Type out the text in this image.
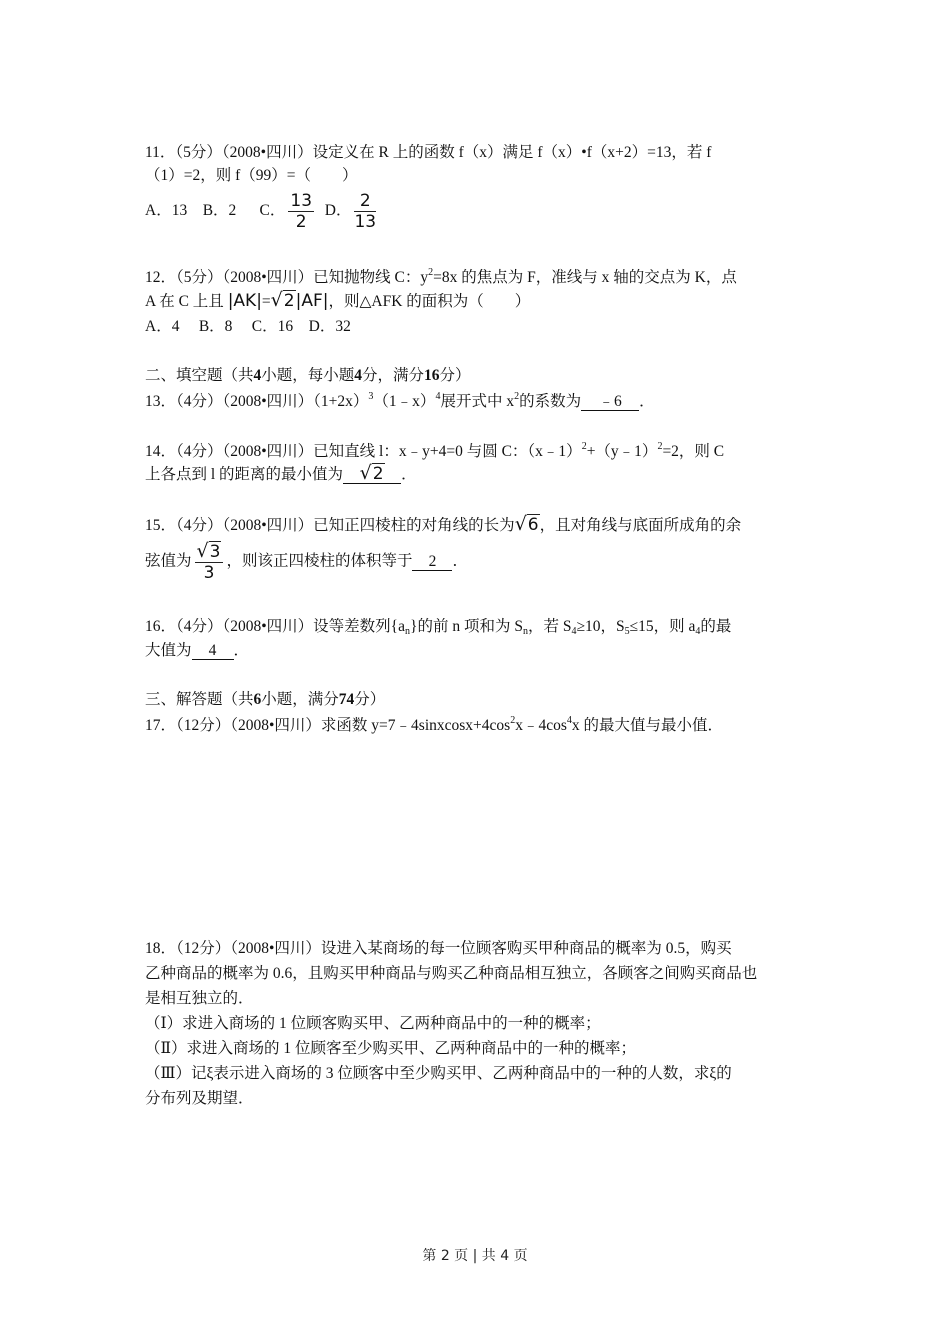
11．（5分）（2008•四川）设定义在 R 上的函数 f（x）满足 f（x）•f（x+2）=13，若 f
（1）=2，则 f（99）=（　　）
A．13 B．2 C． $\frac{13}{2}$ D． $\frac{2}{13}$
12．（5分）（2008•四川）已知抛物线 C：$y^2=8x$ 的焦点为 F，准线与 x 轴的交点为 K，点
A 在 C 上且 |AK|=√2|AF|，则△AFK 的面积为（　　）
A．4　 B．8　 C．16　D．32
二、填空题（共4小题，每小题4分，满分16分）
13．（4分）（2008•四川）$(1+2x)^3(1﹣x)^4$展开式中 $x^2$的系数为 ﹣6 ．
14．（4分）（2008•四川）已知直线 l：x﹣y+4=0 与圆 C：（x﹣1）$^2$+（y﹣1）$^2$=2，则 C
上各点到 l 的距离的最小值为 √2 ．
15．（4分）（2008•四川）已知正四棱柱的对角线的长为√6，且对角线与底面所成角的余
弦值为 $\frac{√3}{3}$ ，则该正四棱柱的体积等于 2 ．
16．（4分）（2008•四川）设等差数列$\{a_n\}$的前 n 项和为 $S_n$，若 $S_4\ge 10$，$S_5\le 15$，则 $a_4$的最
大值为 4 ．
三、解答题（共6小题，满分74分）
17．（12分）（2008•四川）求函数 $y=7﹣4sinxcosx+4\cos^2x﹣4\cos^4x$ 的最大值与最小值．
18．（12分）（2008•四川）设进入某商场的每一位顾客购买甲种商品的概率为 0.5，购买
乙种商品的概率为 0.6，且购买甲种商品与购买乙种商品相互独立，各顾客之间购买商品也
是相互独立的．
（Ⅰ）求进入商场的 1 位顾客购买甲、乙两种商品中的一种的概率；
（Ⅱ）求进入商场的 1 位顾客至少购买甲、乙两种商品中的一种的概率；
（Ⅲ）记ξ表示进入商场的 3 位顾客中至少购买甲、乙两种商品中的一种的人数，求ξ的
分布列及期望．
第 2 页 | 共 4 页
